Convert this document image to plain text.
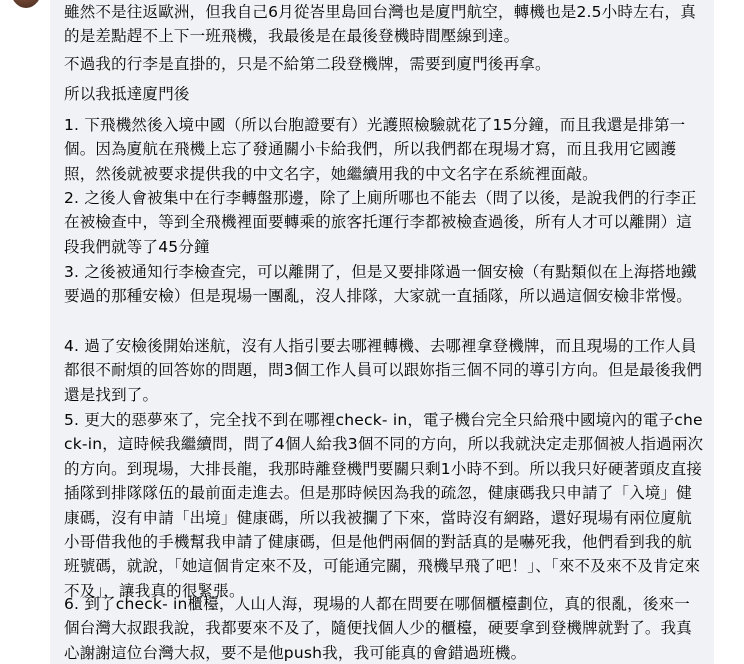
雖然不是往返歐洲，但我自己6月從峇里島回台灣也是廈門航空，轉機也是2.5小時左右，真的是差點趕不上下一班飛機，我最後是在最後登機時間壓線到達。

不過我的行李是直掛的，只是不給第二段登機牌，需要到廈門後再拿。

所以我抵達廈門後

1. 下飛機然後入境中國（所以台胞證要有）光護照檢驗就花了15分鐘，而且我還是排第一個。因為廈航在飛機上忘了發通關小卡給我們，所以我們都在現場才寫，而且我用它國護照，然後就被要求提供我的中文名字，她繼續用我的中文名字在系統裡面敲。

2. 之後人會被集中在行李轉盤那邊，除了上廁所哪也不能去（問了以後，是說我們的行李正在被檢查中，等到全飛機裡面要轉乘的旅客托運行李都被檢查過後，所有人才可以離開）這段我們就等了45分鐘

3. 之後被通知行李檢查完，可以離開了，但是又要排隊過一個安檢（有點類似在上海搭地鐵要過的那種安檢）但是現場一團亂，沒人排隊，大家就一直插隊，所以過這個安檢非常慢。

4. 過了安檢後開始迷航，沒有人指引要去哪裡轉機、去哪裡拿登機牌，而且現場的工作人員都很不耐煩的回答妳的問題，問3個工作人員可以跟妳指三個不同的導引方向。但是最後我們還是找到了。

5. 更大的惡夢來了，完全找不到在哪裡check- in，電子機台完全只給飛中國境內的電子check-in，這時候我繼續問，問了4個人給我3個不同的方向，所以我就決定走那個被人指過兩次的方向。到現場，大排長龍，我那時離登機門要關只剩1小時不到。所以我只好硬著頭皮直接插隊到排隊隊伍的最前面走進去。但是那時候因為我的疏忽，健康碼我只申請了「入境」健康碼，沒有申請「出境」健康碼，所以我被攔了下來，當時沒有網路，還好現場有兩位廈航小哥借我他的手機幫我申請了健康碼，但是他們兩個的對話真的是嚇死我，他們看到我的航班號碼，就說，「她這個肯定來不及，可能通完關，飛機早飛了吧！」、「來不及來不及肯定來不及」，讓我真的很緊張。

6. 到了check- in櫃檯，人山人海，現場的人都在問要在哪個櫃檯劃位，真的很亂，後來一個台灣大叔跟我說，我都要來不及了，隨便找個人少的櫃檯，硬要拿到登機牌就對了。我真心謝謝這位台灣大叔，要不是他push我，我可能真的會錯過班機。
